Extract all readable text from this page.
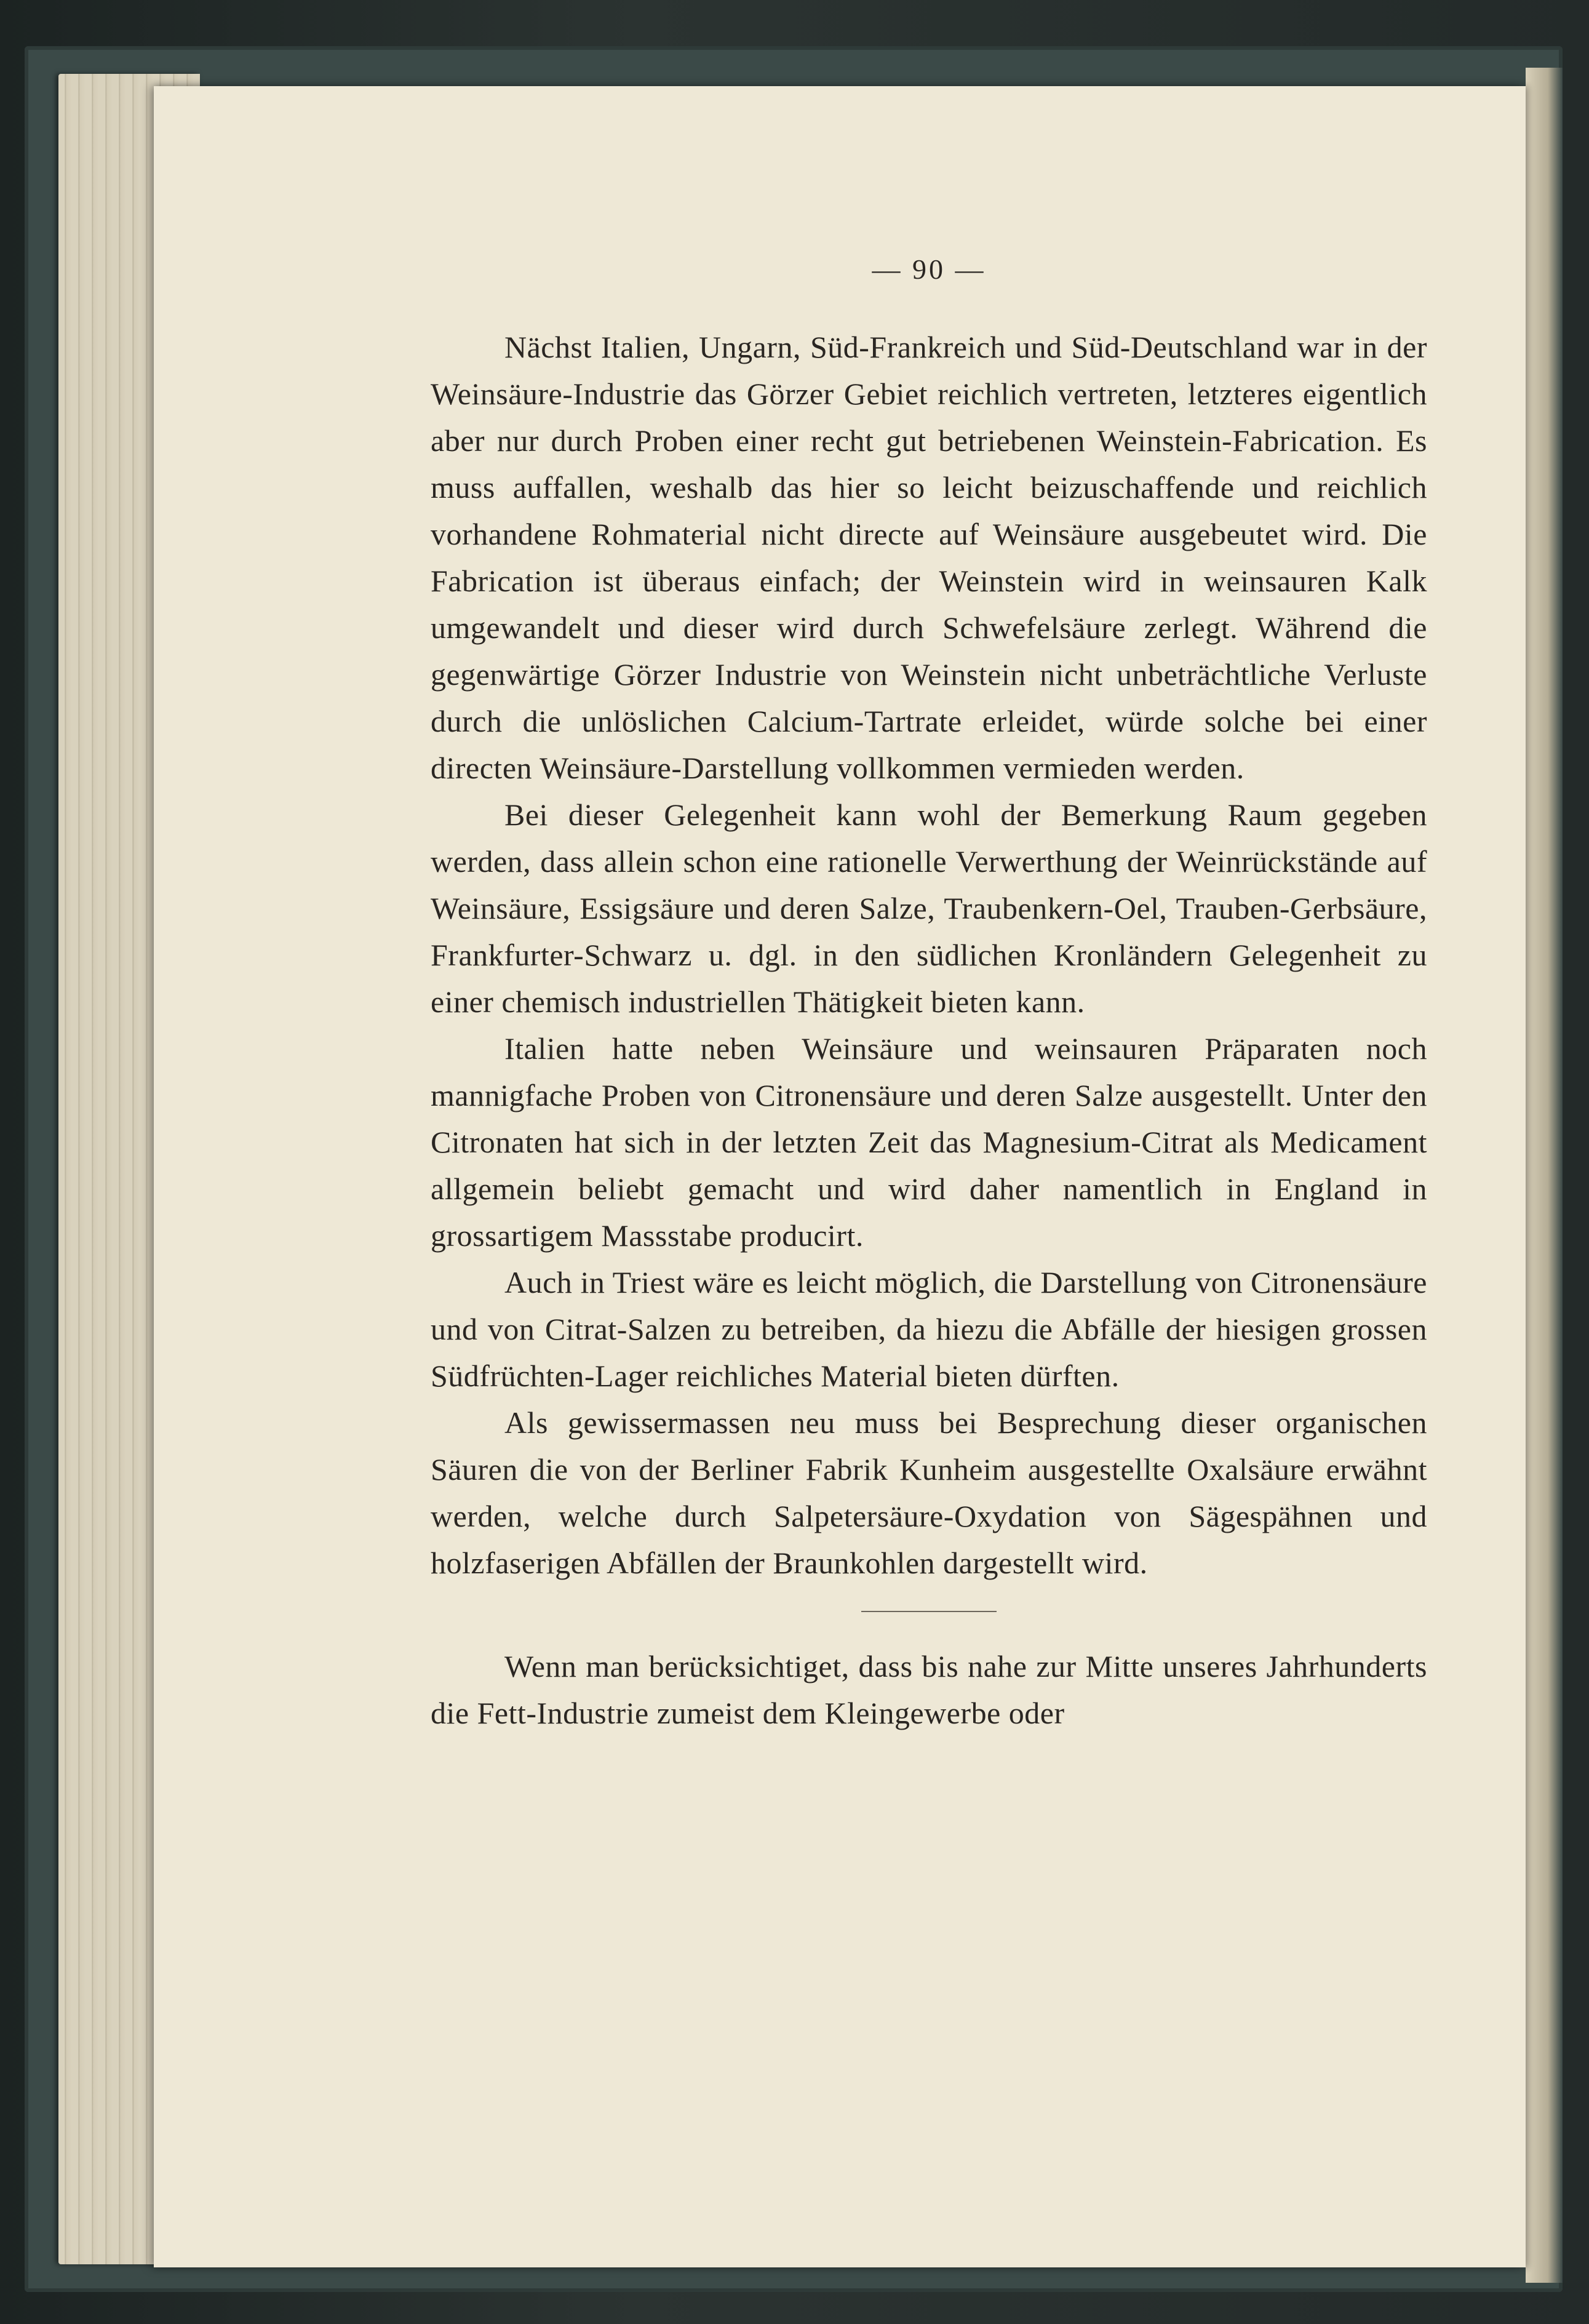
— 90 —

Nächst Italien, Ungarn, Süd-Frankreich und Süd-Deutschland war in der Weinsäure-Industrie das Görzer Gebiet reichlich vertreten, letzteres eigentlich aber nur durch Proben einer recht gut betriebenen Weinstein-Fabrication. Es muss auffallen, weshalb das hier so leicht beizuschaffende und reichlich vorhandene Rohmaterial nicht directe auf Weinsäure ausgebeutet wird. Die Fabrication ist überaus einfach; der Weinstein wird in weinsauren Kalk umgewandelt und dieser wird durch Schwefelsäure zerlegt. Während die gegenwärtige Görzer Industrie von Weinstein nicht unbeträchtliche Verluste durch die unlöslichen Calcium-Tartrate erleidet, würde solche bei einer directen Weinsäure-Darstellung vollkommen vermieden werden.

Bei dieser Gelegenheit kann wohl der Bemerkung Raum gegeben werden, dass allein schon eine rationelle Verwerthung der Weinrückstände auf Weinsäure, Essigsäure und deren Salze, Traubenkern-Oel, Trauben-Gerbsäure, Frankfurter-Schwarz u. dgl. in den südlichen Kronländern Gelegenheit zu einer chemisch industriellen Thätigkeit bieten kann.

Italien hatte neben Weinsäure und weinsauren Präparaten noch mannigfache Proben von Citronensäure und deren Salze ausgestellt. Unter den Citronaten hat sich in der letzten Zeit das Magnesium-Citrat als Medicament allgemein beliebt gemacht und wird daher namentlich in England in grossartigem Massstabe producirt.

Auch in Triest wäre es leicht möglich, die Darstellung von Citronensäure und von Citrat-Salzen zu betreiben, da hiezu die Abfälle der hiesigen grossen Südfrüchten-Lager reichliches Material bieten dürften.

Als gewissermassen neu muss bei Besprechung dieser organischen Säuren die von der Berliner Fabrik Kunheim ausgestellte Oxalsäure erwähnt werden, welche durch Salpetersäure-Oxydation von Sägespähnen und holzfaserigen Abfällen der Braunkohlen dargestellt wird.

Wenn man berücksichtiget, dass bis nahe zur Mitte unseres Jahrhunderts die Fett-Industrie zumeist dem Kleingewerbe oder
